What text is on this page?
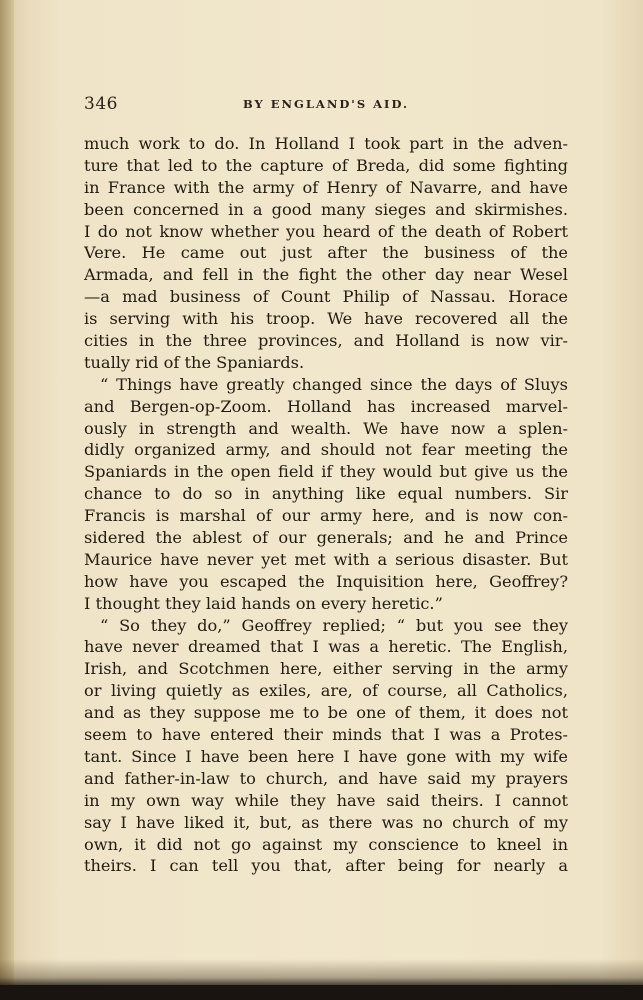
346	BY ENGLAND'S AID.
much work to do. In Holland I took part in the adven-
ture that led to the capture of Breda, did some fighting
in France with the army of Henry of Navarre, and have
been concerned in a good many sieges and skirmishes.
I do not know whether you heard of the death of Robert
Vere. He came out just after the business of the
Armada, and fell in the fight the other day near Wesel
—a mad business of Count Philip of Nassau. Horace
is serving with his troop. We have recovered all the
cities in the three provinces, and Holland is now vir-
tually rid of the Spaniards.
“ Things have greatly changed since the days of Sluys
and Bergen-op-Zoom. Holland has increased marvel-
ously in strength and wealth. We have now a splen-
didly organized army, and should not fear meeting the
Spaniards in the open field if they would but give us the
chance to do so in anything like equal numbers. Sir
Francis is marshal of our army here, and is now con-
sidered the ablest of our generals; and he and Prince
Maurice have never yet met with a serious disaster. But
how have you escaped the Inquisition here, Geoffrey?
I thought they laid hands on every heretic.”
“ So they do,” Geoffrey replied; “ but you see they
have never dreamed that I was a heretic. The English,
Irish, and Scotchmen here, either serving in the army
or living quietly as exiles, are, of course, all Catholics,
and as they suppose me to be one of them, it does not
seem to have entered their minds that I was a Protes-
tant. Since I have been here I have gone with my wife
and father-in-law to church, and have said my prayers
in my own way while they have said theirs. I cannot
say I have liked it, but, as there was no church of my
own, it did not go against my conscience to kneel in
theirs. I can tell you that, after being for nearly a
